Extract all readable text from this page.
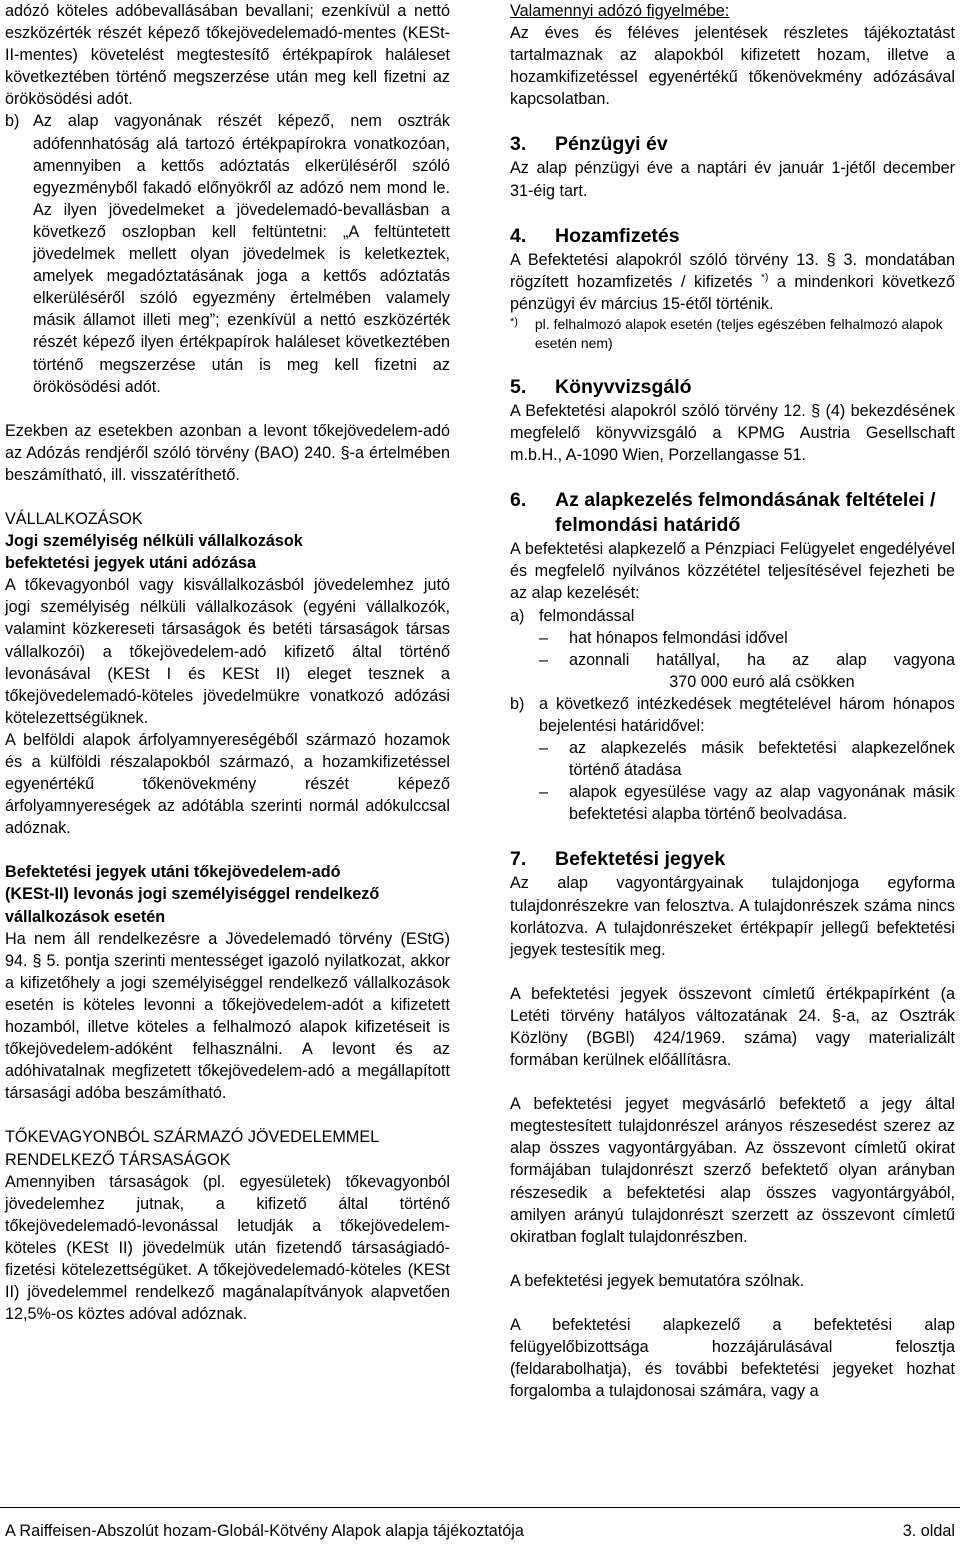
adózó köteles adóbevallásában bevallani; ezenkívül a nettó eszközérték részét képező tőkejövedelemadó-mentes (KESt-II-mentes) követelést megtestesítő értékpapírok haláleset következtében történő megszerzése után meg kell fizetni az örökösödési adót.

b) Az alap vagyonának részét képező, nem osztrák adófennhatóság alá tartozó értékpapírokra vonatkozóan, amennyiben a kettős adóztatás elkerüléséről szóló egyezményből fakadó előnyökről az adózó nem mond le. Az ilyen jövedelmeket a jövedelemadó-bevallásban a következő oszlopban kell feltüntetni: „A feltüntetett jövedelmek mellett olyan jövedelmek is keletkeztek, amelyek megadóztatásának joga a kettős adóztatás elkerüléséről szóló egyezmény értelmében valamely másik államot illeti meg”; ezenkívül a nettó eszközérték részét képező ilyen értékpapírok haláleset következtében történő megszerzése után is meg kell fizetni az örökösödési adót.

Ezekben az esetekben azonban a levont tőkejövedelem-adó az Adózás rendjéről szóló törvény (BAO) 240. §-a értelmében beszámítható, ill. visszatéríthető.

VÁLLALKOZÁSOK
Jogi személyiség nélküli vállalkozások
befektetési jegyek utáni adózása

A tőkevagyonból vagy kisvállalkozásból jövedelemhez jutó jogi személyiség nélküli vállalkozások (egyéni vállalkozók, valamint közkereseti társaságok és betéti társaságok társas vállalkozói) a tőkejövedelem-adó kifizető által történő levonásával (KESt I és KESt II) eleget tesznek a tőkejövedelemadó-köteles jövedelmükre vonatkozó adózási kötelezettségüknek.

A belföldi alapok árfolyamnyereségéből származó hozamok és a külföldi részalapokból származó, a hozamkifizetéssel egyenértékű tőkenövekmény részét képező árfolyamnyereségek az adótábla szerinti normál adókulccsal adóznak.

Befektetési jegyek utáni tőkejövedelem-adó
(KESt-II) levonás jogi személyiséggel rendelkező
vállalkozások esetén

Ha nem áll rendelkezésre a Jövedelemadó törvény (EStG) 94. § 5. pontja szerinti mentességet igazoló nyilatkozat, akkor a kifizetőhely a jogi személyiséggel rendelkező vállalkozások esetén is köteles levonni a tőkejövedelem-adót a kifizetett hozamból, illetve köteles a felhalmozó alapok kifizetéseit is tőkejövedelem-adóként felhasználni. A levont és az adóhivatalnak megfizetett tőkejövedelem-adó a megállapított társasági adóba beszámítható.

TŐKEVAGYONBÓL SZÁRMAZÓ JÖVEDELEMMEL
RENDELKEZŐ TÁRSASÁGOK

Amennyiben társaságok (pl. egyesületek) tőkevagyonból jövedelemhez jutnak, a kifizető által történő tőkejövedelemadó-levonással letudják a tőkejövedelem-köteles (KESt II) jövedelmük után fizetendő társaságiadó-fizetési kötelezettségüket. A tőkejövedelemadó-köteles (KESt II) jövedelemmel rendelkező magánalapítványok alapvetően 12,5%-os köztes adóval adóznak.

Valamennyi adózó figyelmébe:

Az éves és féléves jelentések részletes tájékoztatást tartalmaznak az alapokból kifizetett hozam, illetve a hozamkifizetéssel egyenértékű tőkenövekmény adózásával kapcsolatban.

3.	Pénzügyi év

Az alap pénzügyi éve a naptári év január 1-jétől december 31-éig tart.

4.	Hozamfizetés

A Befektetési alapokról szóló törvény 13. § 3. mondatában rögzített hozamfizetés / kifizetés *) a mindenkori következő pénzügyi év március 15-étől történik.

*)	pl. felhalmozó alapok esetén (teljes egészében felhalmozó alapok esetén nem)
5.	Könyvvizsgáló

A Befektetési alapokról szóló törvény 12. § (4) bekezdésének megfelelő könyvvizsgáló a KPMG Austria Gesellschaft m.b.H., A-1090 Wien, Porzellangasse 51.

6.	Az alapkezelés felmondásának feltételei / felmondási határidő

A befektetési alapkezelő a Pénzpiaci Felügyelet engedélyével és megfelelő nyilvános közzététel teljesítésével fejezheti be az alap kezelését:

a) felmondással
–	hat hónapos felmondási idővel
–	azonnali hatállyal, ha az alap vagyona
370 000 euró alá csökken
b) a következő intézkedések megtételével három hónapos bejelentési határidővel:
–	az alapkezelés másik befektetési alapkezelőnek történő átadása
–	alapok egyesülése vagy az alap vagyonának másik befektetési alapba történő beolvadása.
7.	Befektetési jegyek

Az alap vagyontárgyainak tulajdonjoga egyforma tulajdonrészekre van felosztva. A tulajdonrészek száma nincs korlátozva. A tulajdonrészeket értékpapír jellegű befektetési jegyek testesítik meg.

A befektetési jegyek összevont címletű értékpapírként (a Letéti törvény hatályos változatának 24. §-a, az Osztrák Közlöny (BGBl) 424/1969. száma) vagy materializált formában kerülnek előállításra.

A befektetési jegyet megvásárló befektető a jegy által megtestesített tulajdonrészel arányos részesedést szerez az alap összes vagyontárgyában. Az összevont címletű okirat formájában tulajdonrészt szerző befektető olyan arányban részesedik a befektetési alap összes vagyontárgyából, amilyen arányú tulajdonrészt szerzett az összevont címletű okiratban foglalt tulajdonrészben.

A befektetési jegyek bemutatóra szólnak.

A befektetési alapkezelő a befektetési alap felügyelőbizottsága hozzájárulásával felosztja (feldarabolhatja), és további befektetési jegyeket hozhat forgalomba a tulajdonosai számára, vagy a

A Raiffeisen-Abszolút hozam-Globál-Kötvény Alapok alapja tájékoztatója	3. oldal
